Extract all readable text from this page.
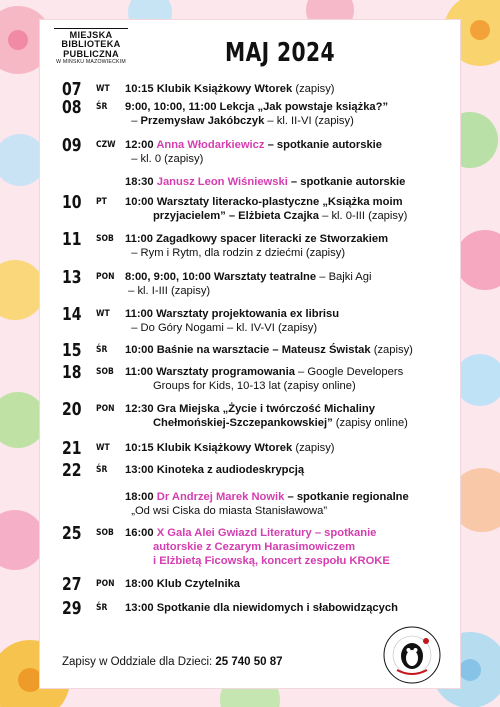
MIEJSKA
BIBLIOTEKA
PUBLICZNA
W MIŃSKU MAZOWIECKIM	MAJ 2024
07 WT 10:15 Klubik Książkowy Wtorek (zapisy)
08 ŚR 9:00, 10:00, 11:00 Lekcja „Jak powstaje książka?”
– Przemysław Jakóbczyk – kl. II-VI (zapisy)
09 CZW 12:00 Anna Włodarkiewicz – spotkanie autorskie
– kl. 0 (zapisy)
18:30 Janusz Leon Wiśniewski – spotkanie autorskie
10 PT 10:00 Warsztaty literacko-plastyczne „Książka moim
przyjacielem” – Elżbieta Czajka – kl. 0-III (zapisy)
11 SOB 11:00 Zagadkowy spacer literacki ze Stworzakiem
– Rym i Rytm, dla rodzin z dziećmi (zapisy)
13 PON 8:00, 9:00, 10:00 Warsztaty teatralne – Bajki Agi
– kl. I-III (zapisy)
14 WT 11:00 Warsztaty projektowania ex librisu
– Do Góry Nogami – kl. IV-VI (zapisy)
15 ŚR 10:00 Baśnie na warsztacie – Mateusz Świstak (zapisy)
18 SOB 11:00 Warsztaty programowania – Google Developers
Groups for Kids, 10-13 lat (zapisy online)
20 PON 12:30 Gra Miejska „Życie i twórczość Michaliny
Chełmońskiej-Szczepankowskiej” (zapisy online)
21 WT 10:15 Klubik Książkowy Wtorek (zapisy)
22 ŚR 13:00 Kinoteka z audiodeskrypcją
18:00 Dr Andrzej Marek Nowik – spotkanie regionalne
„Od wsi Ciska do miasta Stanisławowa”
25 SOB 16:00 X Gala Alei Gwiazd Literatury – spotkanie
autorskie z Cezarym Harasimowiczem
i Elżbietą Ficowską, koncert zespołu KROKE
27 PON 18:00 Klub Czytelnika
29 ŚR 13:00 Spotkanie dla niewidomych i słabowidzących
Zapisy w Oddziale dla Dzieci: 25 740 50 87
